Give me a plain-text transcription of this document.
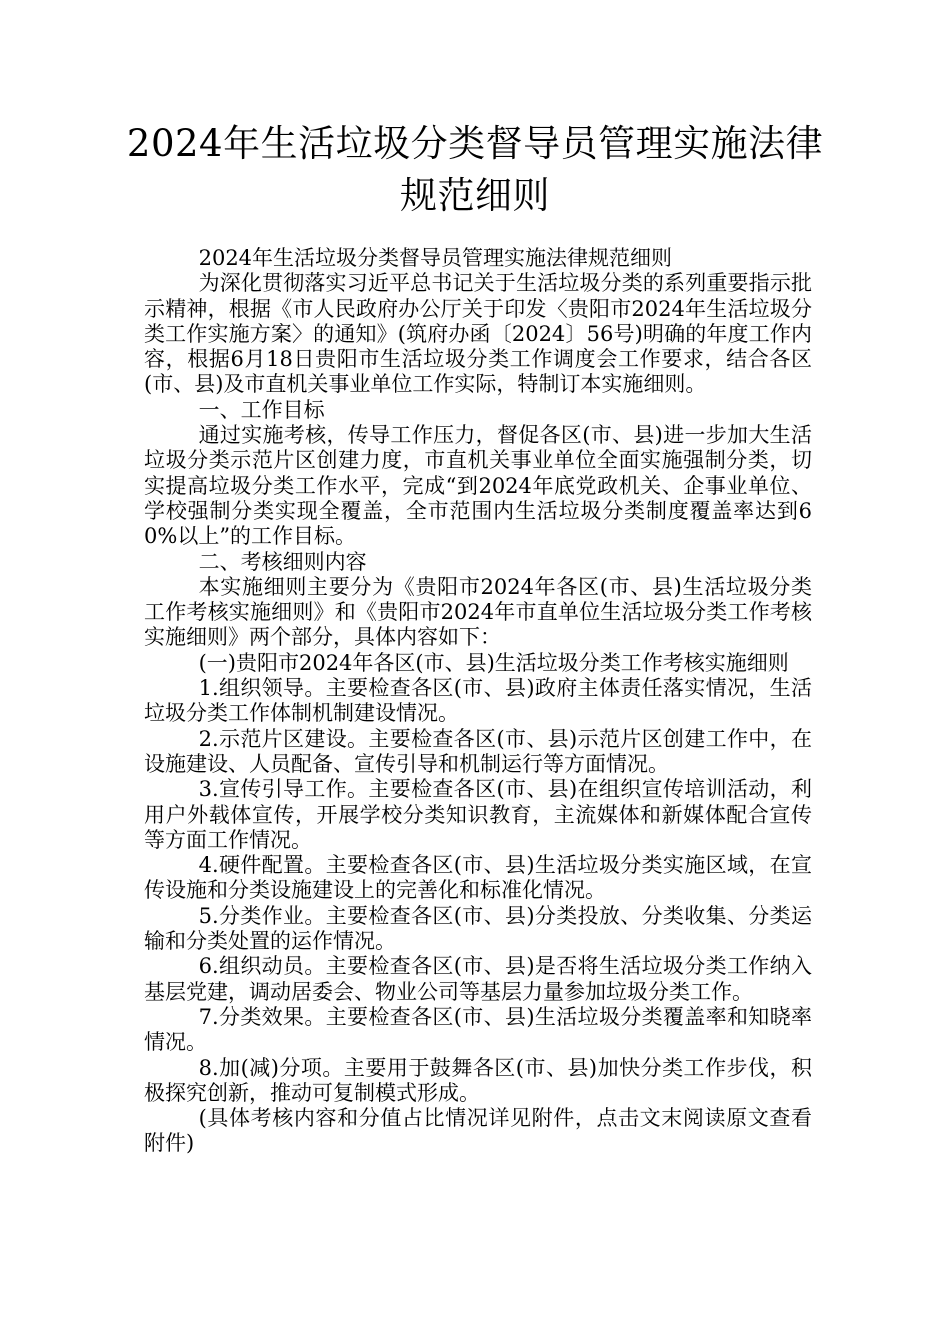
2024年生活垃圾分类督导员管理实施法律
规范细则

2024年生活垃圾分类督导员管理实施法律规范细则

为深化贯彻落实习近平总书记关于生活垃圾分类的系列重要指示批示精神，根据《市人民政府办公厅关于印发〈贵阳市2024年生活垃圾分类工作实施方案〉的通知》(筑府办函〔2024〕56号)明确的年度工作内容，根据6月18日贵阳市生活垃圾分类工作调度会工作要求，结合各区(市、县)及市直机关事业单位工作实际，特制订本实施细则。

一、工作目标

通过实施考核，传导工作压力，督促各区(市、县)进一步加大生活垃圾分类示范片区创建力度，市直机关事业单位全面实施强制分类，切实提高垃圾分类工作水平，完成“到2024年底党政机关、企事业单位、学校强制分类实现全覆盖，全市范围内生活垃圾分类制度覆盖率达到60%以上”的工作目标。

二、考核细则内容

本实施细则主要分为《贵阳市2024年各区(市、县)生活垃圾分类工作考核实施细则》和《贵阳市2024年市直单位生活垃圾分类工作考核实施细则》两个部分，具体内容如下：

(一)贵阳市2024年各区(市、县)生活垃圾分类工作考核实施细则

1.组织领导。主要检查各区(市、县)政府主体责任落实情况，生活垃圾分类工作体制机制建设情况。

2.示范片区建设。主要检查各区(市、县)示范片区创建工作中，在设施建设、人员配备、宣传引导和机制运行等方面情况。

3.宣传引导工作。主要检查各区(市、县)在组织宣传培训活动，利用户外载体宣传，开展学校分类知识教育，主流媒体和新媒体配合宣传等方面工作情况。

4.硬件配置。主要检查各区(市、县)生活垃圾分类实施区域，在宣传设施和分类设施建设上的完善化和标准化情况。

5.分类作业。主要检查各区(市、县)分类投放、分类收集、分类运输和分类处置的运作情况。

6.组织动员。主要检查各区(市、县)是否将生活垃圾分类工作纳入基层党建，调动居委会、物业公司等基层力量参加垃圾分类工作。

7.分类效果。主要检查各区(市、县)生活垃圾分类覆盖率和知晓率情况。

8.加(减)分项。主要用于鼓舞各区(市、县)加快分类工作步伐，积极探究创新，推动可复制模式形成。

(具体考核内容和分值占比情况详见附件，点击文末阅读原文查看附件)
